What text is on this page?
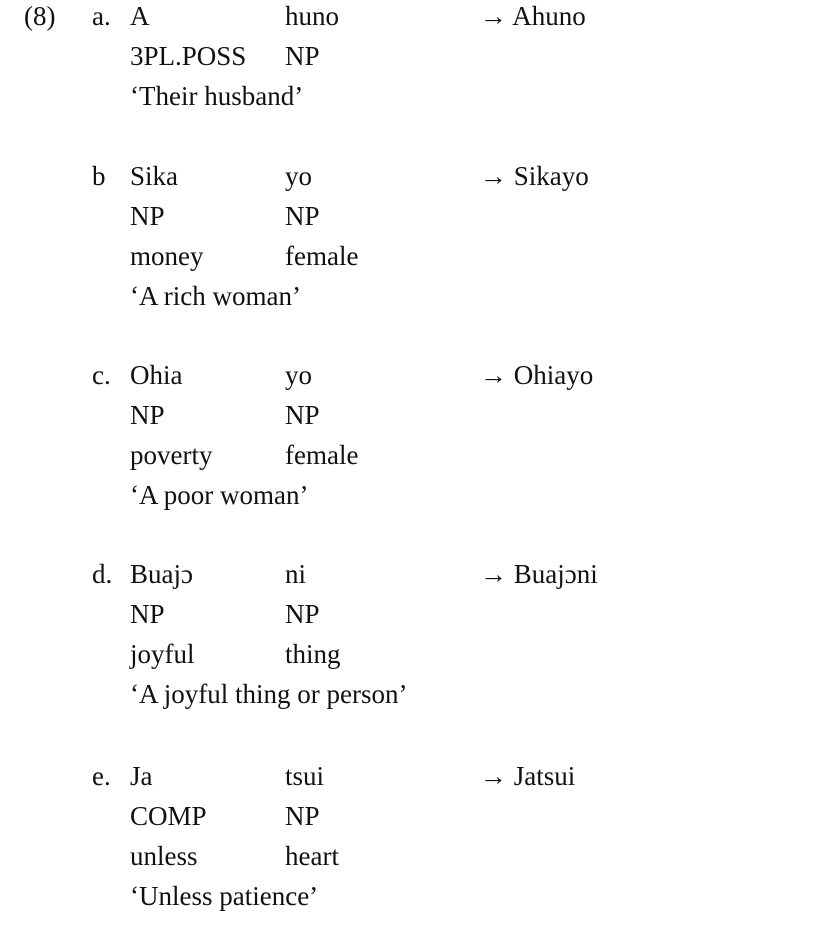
(8) a. A	huno	→ Ahuno
3PL.POSS NP
‘Their husband’
b Sika	yo	→ Sikayo
NP	NP
money	female
‘A rich woman’
c. Ohia	yo	→ Ohiayo
NP	NP
poverty	female
‘A poor woman’
d. Buajɔ	ni	→ Buajɔni
NP	NP
joyful	thing
‘A joyful thing or person’
e. Ja	tsui	→ Jatsui
COMP	NP
unless	heart
‘Unless patience’
